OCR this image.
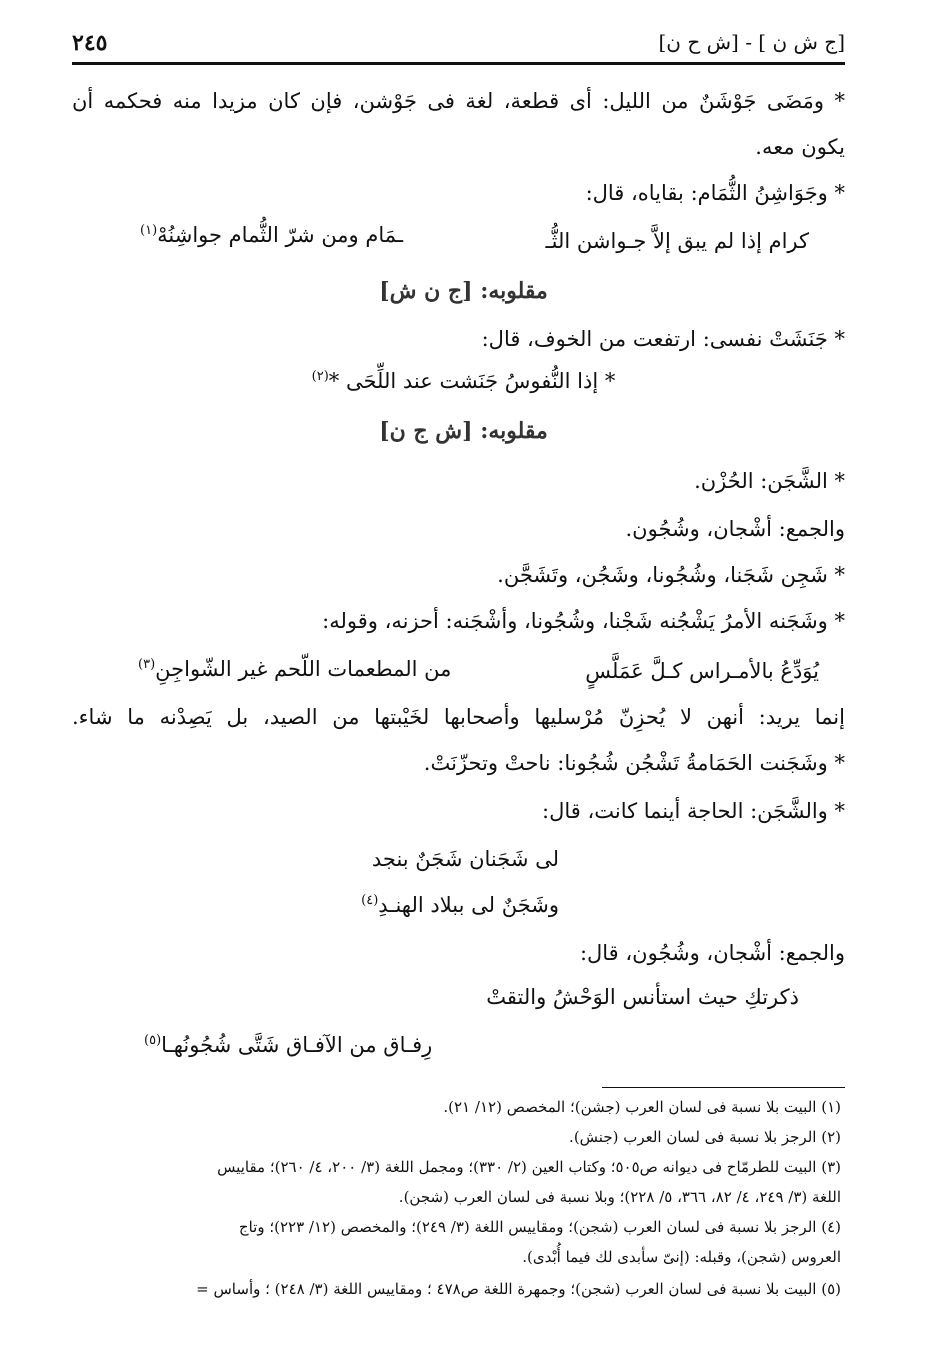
[ج ش ن ] - [ش ح ن]
٢٤٥
* ومَضَى جَوْشَنٌ من الليل: أى قطعة، لغة فى جَوْشن، فإن كان مزيدا منه فحكمه أن
يكون معه.
* وجَوَاشِنُ الثُّمَام: بقاياه، قال:
كرام إذا لم يبق إلاَّ جـواشن الثُّـ
ـمَام ومن شرّ الثُّمام جواشِنُهْ$^{(١)}$
مقلوبه: [ج ن ش]
* جَنَشَتْ نفسى: ارتفعت من الخوف، قال:
* إذا النُّفوسُ جَنَشت عند اللِّحَى *$^{(٢)}$
مقلوبه: [ش ج ن]
* الشَّجَن: الحُزْن.
والجمع: أشْجان، وشُجُون.
* شَجِن شَجَنا، وشُجُونا، وشَجُن، وتَشَجَّن.
* وشَجَنه الأمرُ يَشْجُنه شَجْنا، وشُجُونا، وأشْجَنه: أحزنه، وقوله:
يُوَدِّعُ بالأمـراس كـلَّ عَمَلَّسٍ
من المطعمات اللّحم غير الشّواجِنِ$^{(٣)}$
إنما يريد: أنهن لا يُحزِنّ مُرْسليها وأصحابها لخَيْبتها من الصيد، بل يَصِدْنه ما شاء.
* وشَجَنت الحَمَامةُ تَشْجُن شُجُونا: ناحتْ وتحزّنَتْ.
* والشَّجَن: الحاجة أينما كانت، قال:
لى شَجَنان شَجَنٌ بنجد
وشَجَنٌ لى ببلاد الهنـدِ$^{(٤)}$
والجمع: أشْجان، وشُجُون، قال:
ذكرتكِ حيث استأنس الوَحْشُ والتقتْ
رِفـاق من الآفـاق شَتَّى شُجُونُهـا$^{(٥)}$
(١) البيت بلا نسبة فى لسان العرب (جشن)؛ المخصص (١٢/ ٢١).
(٢) الرجز بلا نسبة فى لسان العرب (جنش).
(٣) البيت للطرمّاح فى ديوانه ص٥٠٥؛ وكتاب العين (٢/ ٣٣٠)؛ ومجمل اللغة (٣/ ٢٠٠، ٤/ ٢٦٠)؛ مقاييس
اللغة (٣/ ٢٤٩، ٤/ ٨٢، ٣٦٦، ٥/ ٢٢٨)؛ وبلا نسبة فى لسان العرب (شجن).
(٤) الرجز بلا نسبة فى لسان العرب (شجن)؛ ومقاييس اللغة (٣/ ٢٤٩)؛ والمخصص (١٢/ ٢٢٣)؛ وتاج
العروس (شجن)، وقبله: (إنىّ سأبدى لك فيما أُبْدى).
(٥) البيت بلا نسبة فى لسان العرب (شجن)؛ وجمهرة اللغة ص٤٧٨ ؛ ومقاييس اللغة (٣/ ٢٤٨) ؛ وأساس =
